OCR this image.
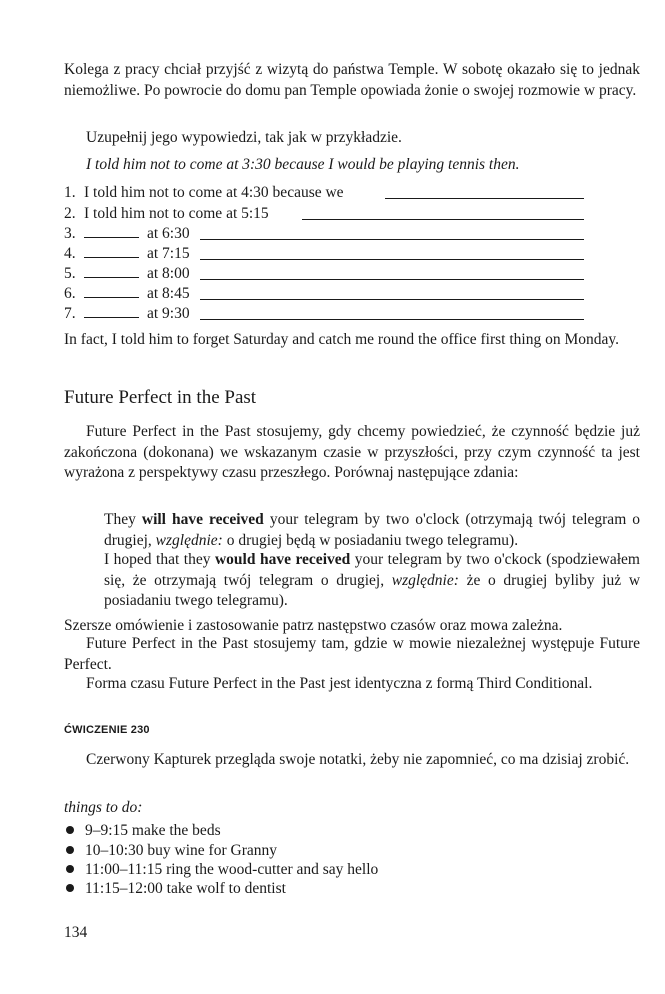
Kolega z pracy chciał przyjść z wizytą do państwa Temple. W sobotę okazało się to jednak niemożliwe. Po powrocie do domu pan Temple opowiada żonie o swojej rozmowie w pracy.
Uzupełnij jego wypowiedzi, tak jak w przykładzie.
I told him not to come at 3:30 because I would be playing tennis then.
1. I told him not to come at 4:30 because we
2. I told him not to come at 5:15
3.	at 6:30
4.	at 7:15
5.	at 8:00
6.	at 8:45
7.	at 9:30
In fact, I told him to forget Saturday and catch me round the office first thing on Monday.
Future Perfect in the Past
Future Perfect in the Past stosujemy, gdy chcemy powiedzieć, że czynność będzie już zakończona (dokonana) we wskazanym czasie w przyszłości, przy czym czynność ta jest wyrażona z perspektywy czasu przeszłego. Porównaj następujące zdania:
They will have received your telegram by two o'clock (otrzymają twój telegram o drugiej, względnie: o drugiej będą w posiadaniu twego telegramu).
I hoped that they would have received your telegram by two o'ckock (spodziewałem się, że otrzymają twój telegram o drugiej, względnie: że o drugiej byliby już w posiadaniu twego telegramu).
Szersze omówienie i zastosowanie patrz następstwo czasów oraz mowa zależna.
Future Perfect in the Past stosujemy tam, gdzie w mowie niezależnej występuje Future Perfect.
Forma czasu Future Perfect in the Past jest identyczna z formą Third Conditional.
ĆWICZENIE 230
Czerwony Kapturek przegląda swoje notatki, żeby nie zapomnieć, co ma dzisiaj zrobić.
things to do:
9–9:15 make the beds
10–10:30 buy wine for Granny
11:00–11:15 ring the wood-cutter and say hello
11:15–12:00 take wolf to dentist
134
